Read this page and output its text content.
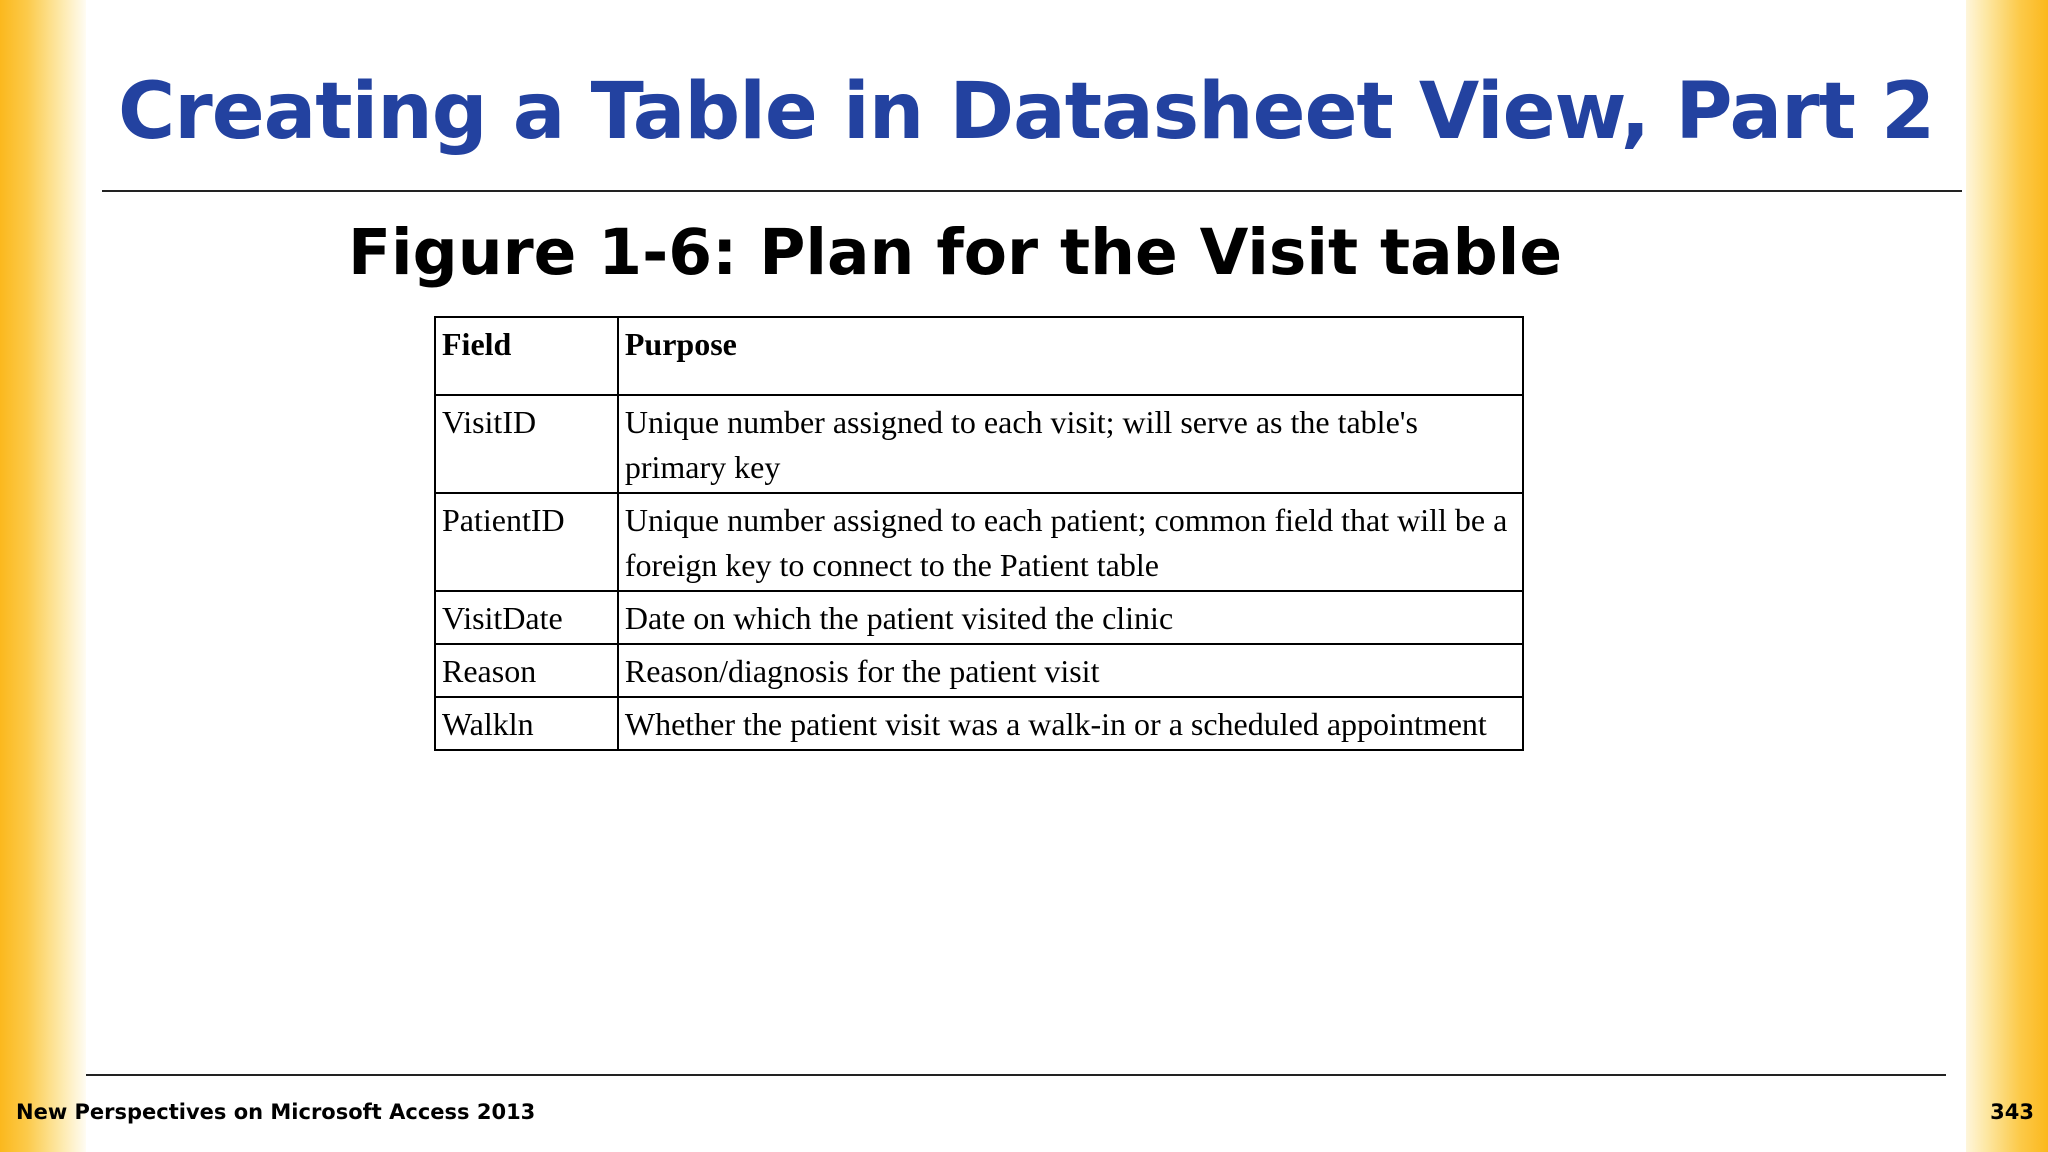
Creating a Table in Datasheet View, Part 2
Figure 1-6: Plan for the Visit table
Field	Purpose
VisitID	Unique number assigned to each visit; will serve as the table's primary key
PatientID	Unique number assigned to each patient; common field that will be a foreign key to connect to the Patient table
VisitDate	Date on which the patient visited the clinic
Reason	Reason/diagnosis for the patient visit
Walkln	Whether the patient visit was a walk-in or a scheduled appointment
New Perspectives on Microsoft Access 2013	343
